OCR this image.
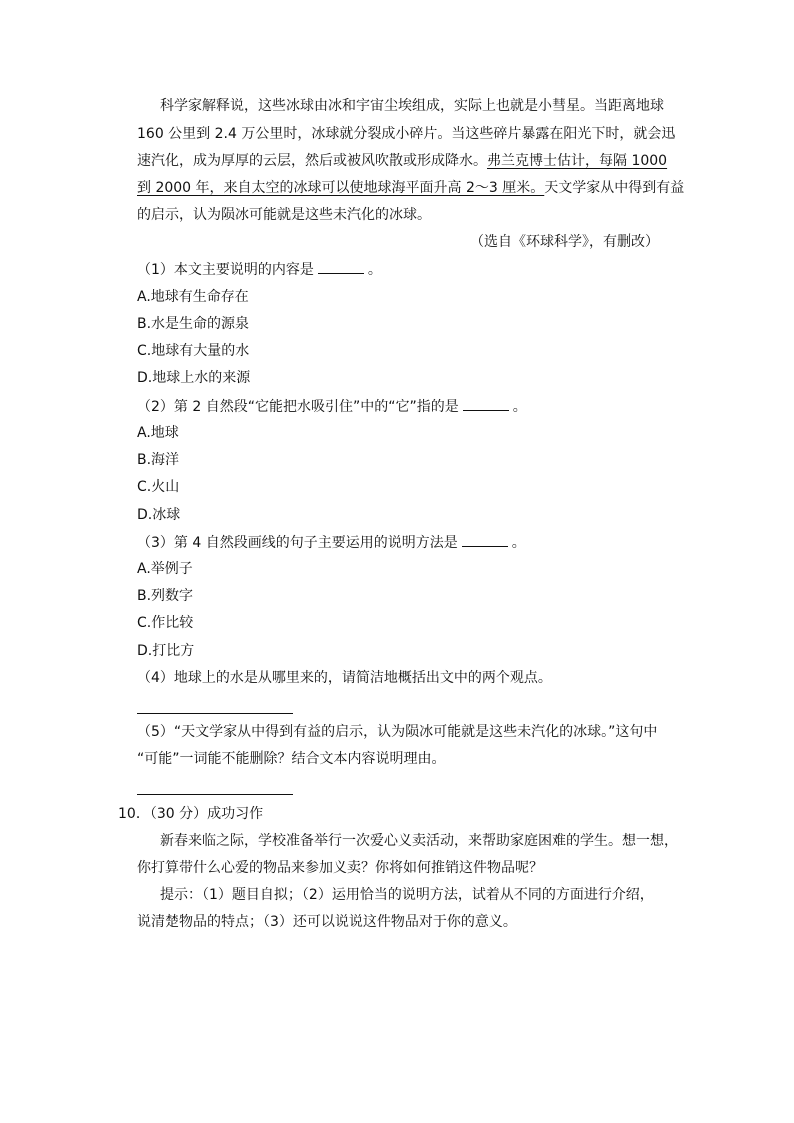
科学家解释说，这些冰球由冰和宇宙尘埃组成，实际上也就是小彗星。当距离地球
160 公里到 2.4 万公里时，冰球就分裂成小碎片。当这些碎片暴露在阳光下时，就会迅
速汽化，成为厚厚的云层，然后或被风吹散或形成降水。弗兰克博士估计，每隔 1000
到 2000 年，来自太空的冰球可以使地球海平面升高 2～3 厘米。天文学家从中得到有益
的启示，认为陨冰可能就是这些未汽化的冰球。
（选自《环球科学》，有删改）
（1）本文主要说明的内容是	。
A.地球有生命存在
B.水是生命的源泉
C.地球有大量的水
D.地球上水的来源
（2）第 2 自然段“它能把水吸引住”中的“它”指的是	。
A.地球
B.海洋
C.火山
D.冰球
（3）第 4 自然段画线的句子主要运用的说明方法是	。
A.举例子
B.列数字
C.作比较
D.打比方
（4）地球上的水是从哪里来的，请简洁地概括出文中的两个观点。
（5）“天文学家从中得到有益的启示，认为陨冰可能就是这些未汽化的冰球。”这句中
“可能”一词能不能删除？结合文本内容说明理由。
10．（30 分）成功习作
新春来临之际，学校准备举行一次爱心义卖活动，来帮助家庭困难的学生。想一想，
你打算带什么心爱的物品来参加义卖？你将如何推销这件物品呢？
提示：（1）题目自拟；（2）运用恰当的说明方法，试着从不同的方面进行介绍，
说清楚物品的特点；（3）还可以说说这件物品对于你的意义。
